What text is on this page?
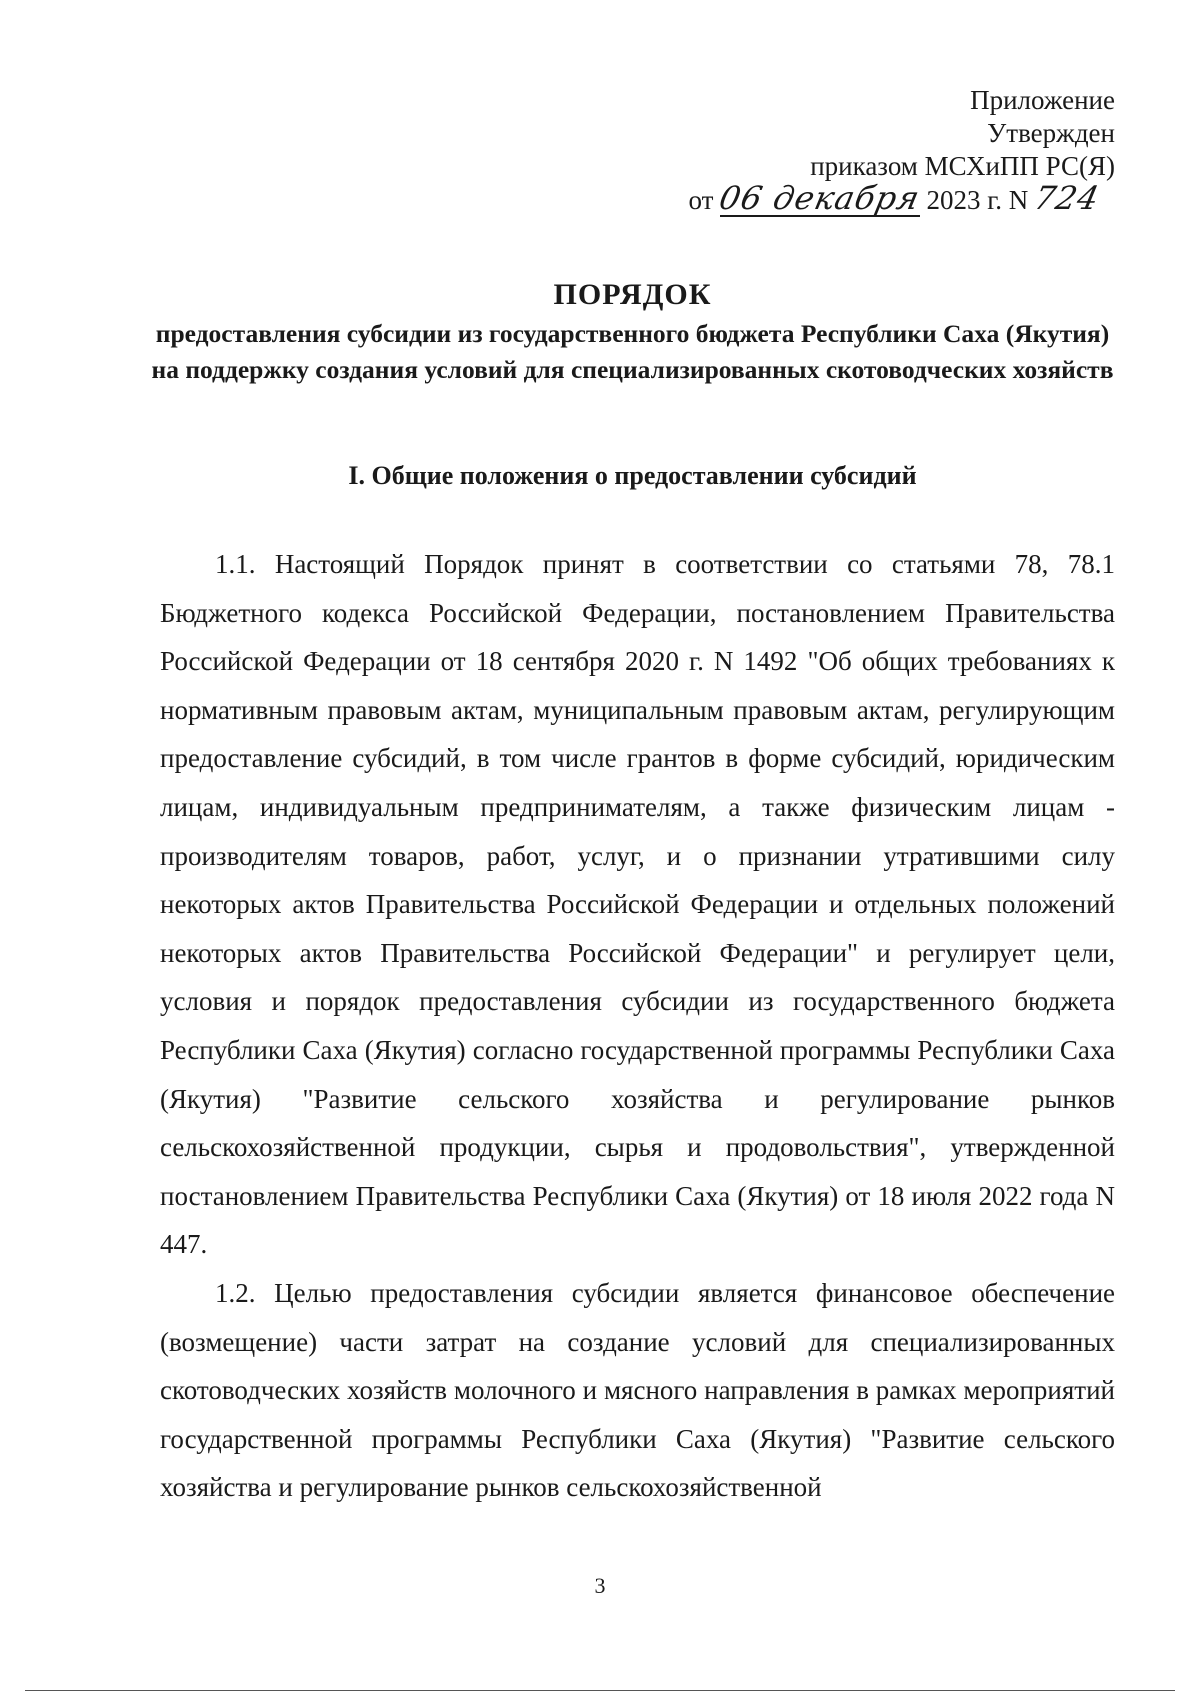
Приложение
Утвержден
приказом МСХиПП РС(Я)
от 06 декабря 2023 г. N 724
ПОРЯДОК
предоставления субсидии из государственного бюджета Республики Саха (Якутия) на поддержку создания условий для специализированных скотоводческих хозяйств
I. Общие положения о предоставлении субсидий

1.1. Настоящий Порядок принят в соответствии со статьями 78, 78.1 Бюджетного кодекса Российской Федерации, постановлением Правительства Российской Федерации от 18 сентября 2020 г. N 1492 "Об общих требованиях к нормативным правовым актам, муниципальным правовым актам, регулирующим предоставление субсидий, в том числе грантов в форме субсидий, юридическим лицам, индивидуальным предпринимателям, а также физическим лицам - производителям товаров, работ, услуг, и о признании утратившими силу некоторых актов Правительства Российской Федерации и отдельных положений некоторых актов Правительства Российской Федерации" и регулирует цели, условия и порядок предоставления субсидии из государственного бюджета Республики Саха (Якутия) согласно государственной программы Республики Саха (Якутия) "Развитие сельского хозяйства и регулирование рынков сельскохозяйственной продукции, сырья и продовольствия", утвержденной постановлением Правительства Республики Саха (Якутия) от 18 июля 2022 года N 447.

1.2. Целью предоставления субсидии является финансовое обеспечение (возмещение) части затрат на создание условий для специализированных скотоводческих хозяйств молочного и мясного направления в рамках мероприятий государственной программы Республики Саха (Якутия) "Развитие сельского хозяйства и регулирование рынков сельскохозяйственной

3
